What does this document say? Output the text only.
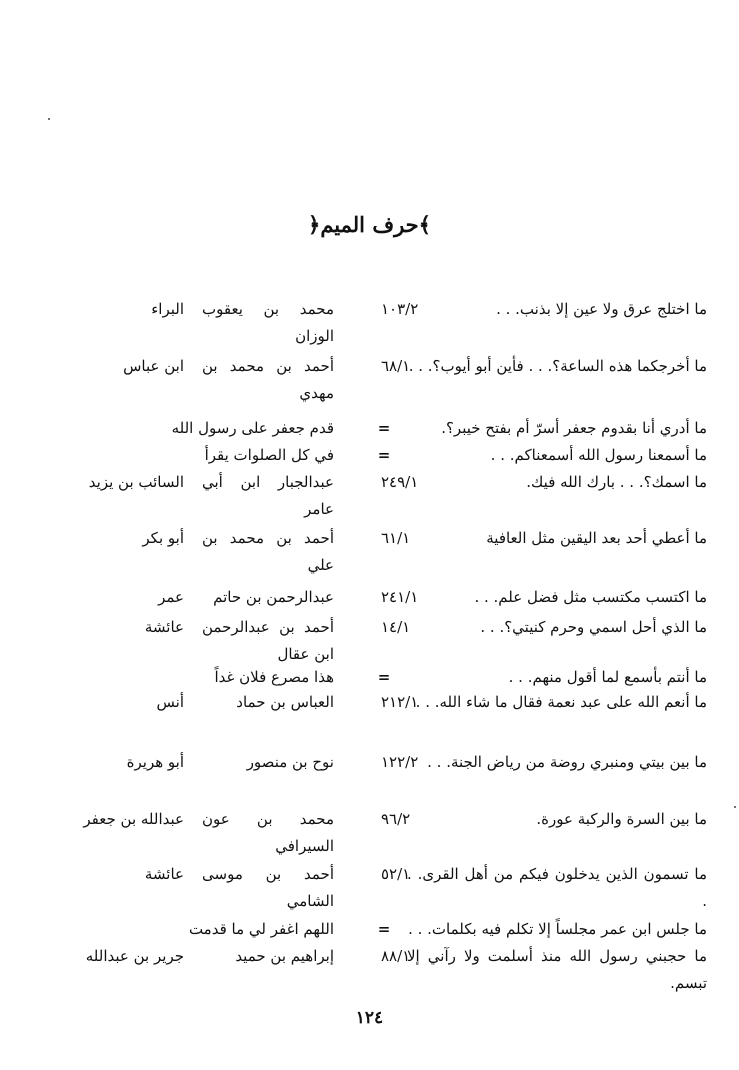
﴿حرف الميم﴾
ما اختلج عرق ولا عين إلا بذنب. . .
١٠٣/٢
محمد بن يعقوب الوزان
البراء
ما أخرجكما هذه الساعة؟. . . فأين أبو أيوب؟. . .
٦٨/١
أحمد بن محمد بن مهدي
ابن عباس
ما أدري أنا بقدوم جعفر أسرّ أم بفتح خيبر؟.
=
قدم جعفر على رسول الله
ما أسمعنا رسول الله أسمعناكم. . .
=
في كل الصلوات يقرأ
ما اسمك؟. . . بارك الله فيك.
٢٤٩/١
عبدالجبار ابن أبي عامر
السائب بن يزيد
ما أعطي أحد بعد اليقين مثل العافية
٦١/١
أحمد بن محمد بن علي
أبو بكر
ما اكتسب مكتسب مثل فضل علم. . .
٢٤١/١
عبدالرحمن بن حاتم
عمر
ما الذي أحل اسمي وحرم كنيتي؟. . .
١٤/١
أحمد بن عبدالرحمن ابن عقال
عائشة
ما أنتم بأسمع لما أقول منهم. . .
=
هذا مصرع فلان غداً
ما أنعم الله على عبد نعمة فقال ما شاء الله. . .
٢١٢/١
العباس بن حماد
أنس
ما بين بيتي ومنبري روضة من رياض الجنة. . .
١٢٢/٢
نوح بن منصور
أبو هريرة
ما بين السرة والركبة عورة.
٩٦/٢
محمد بن عون السيرافي
عبدالله بن جعفر
ما تسمون الذين يدخلون فيكم من أهل القرى. . .
٥٢/١
أحمد بن موسى الشامي
عائشة
ما جلس ابن عمر مجلساً إلا تكلم فيه بكلمات. . .
=
اللهم اغفر لي ما قدمت
ما حجبني رسول الله منذ أسلمت ولا رآني إلا تبسم.
٨٨/١
إبراهيم بن حميد
جرير بن عبدالله
١٢٤
